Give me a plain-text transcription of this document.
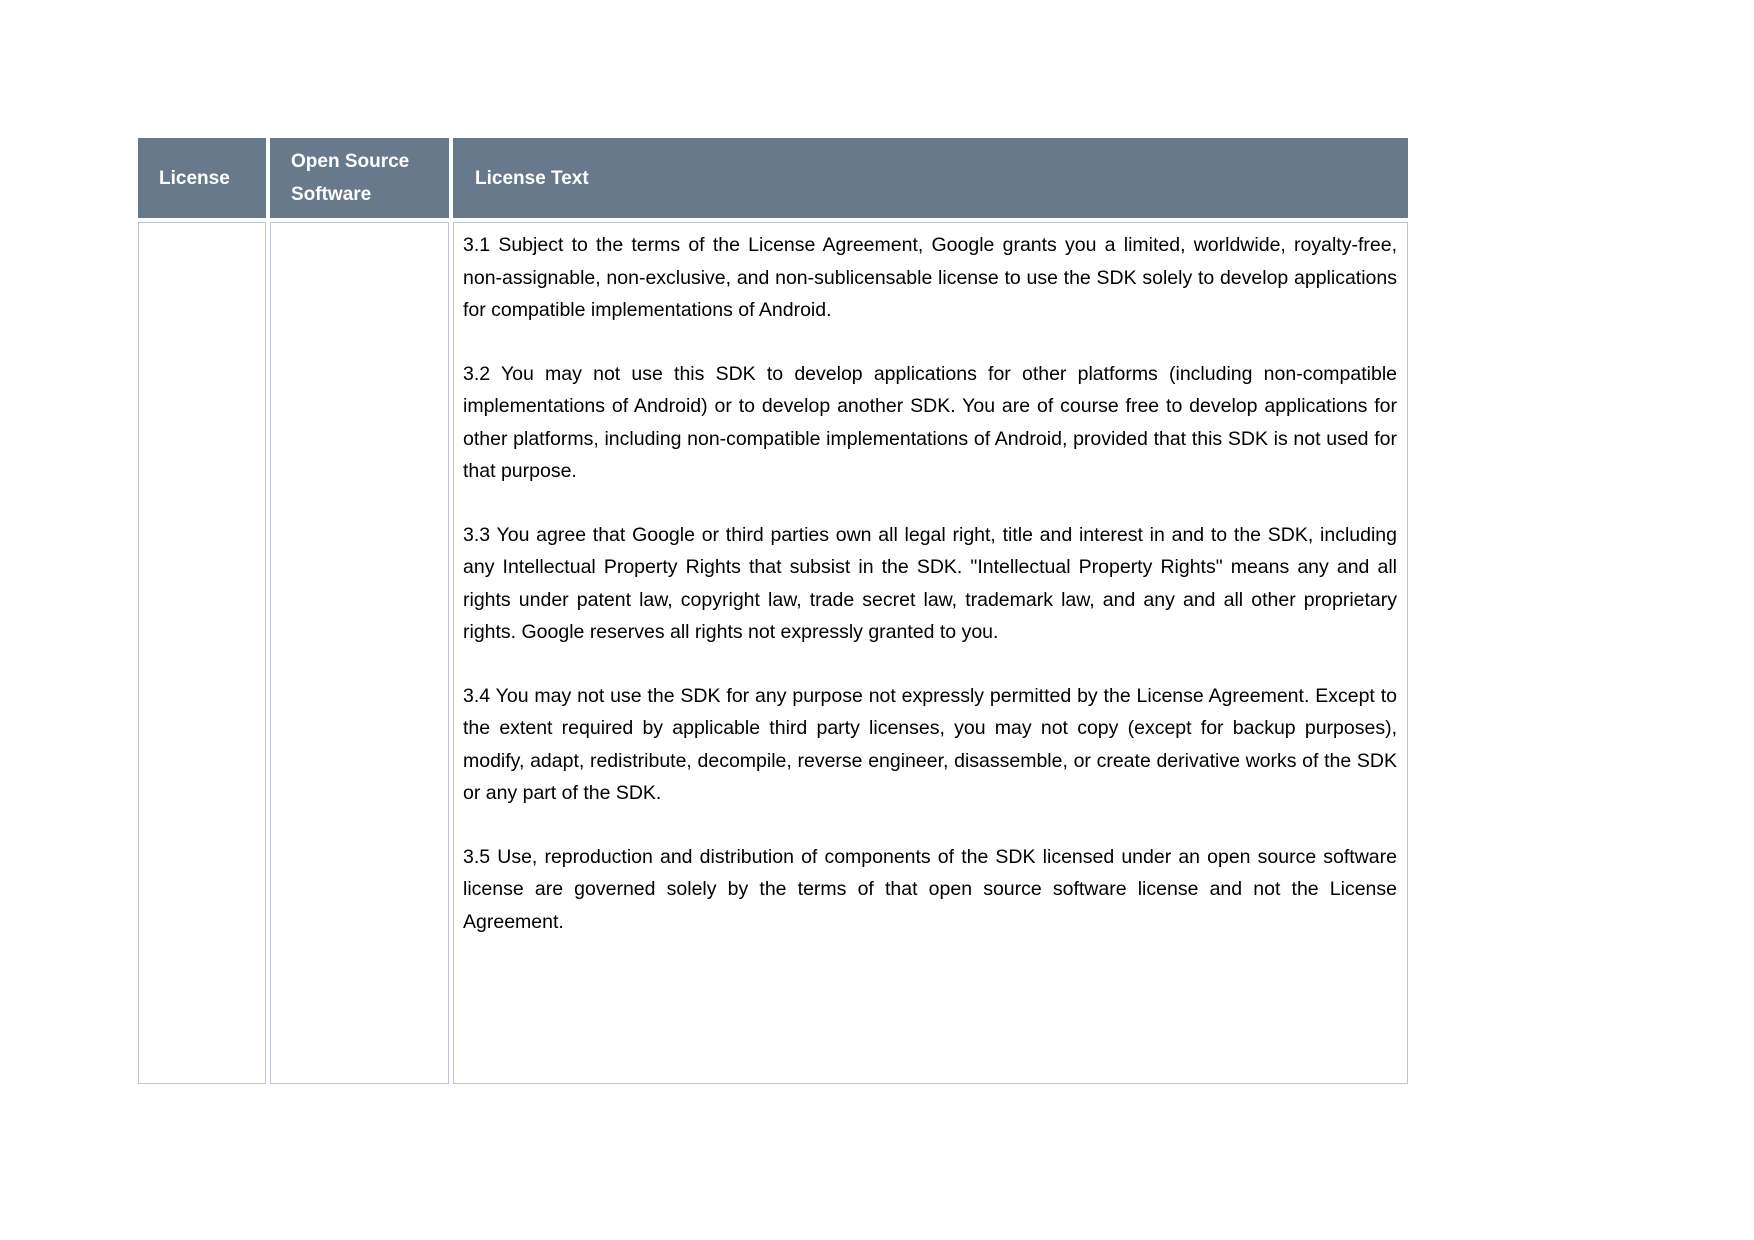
License	Open Source Software	License Text

		3.1 Subject to the terms of the License Agreement, Google grants you a limited, worldwide, royalty-free, non-assignable, non-exclusive, and non-sublicensable license to use the SDK solely to develop applications for compatible implementations of Android.

3.2 You may not use this SDK to develop applications for other platforms (including non-compatible implementations of Android) or to develop another SDK. You are of course free to develop applications for other platforms, including non-compatible implementations of Android, provided that this SDK is not used for that purpose.

3.3 You agree that Google or third parties own all legal right, title and interest in and to the SDK, including any Intellectual Property Rights that subsist in the SDK. "Intellectual Property Rights" means any and all rights under patent law, copyright law, trade secret law, trademark law, and any and all other proprietary rights. Google reserves all rights not expressly granted to you.

3.4 You may not use the SDK for any purpose not expressly permitted by the License Agreement. Except to the extent required by applicable third party licenses, you may not copy (except for backup purposes), modify, adapt, redistribute, decompile, reverse engineer, disassemble, or create derivative works of the SDK or any part of the SDK.

3.5 Use, reproduction and distribution of components of the SDK licensed under an open source software license are governed solely by the terms of that open source software license and not the License Agreement.
